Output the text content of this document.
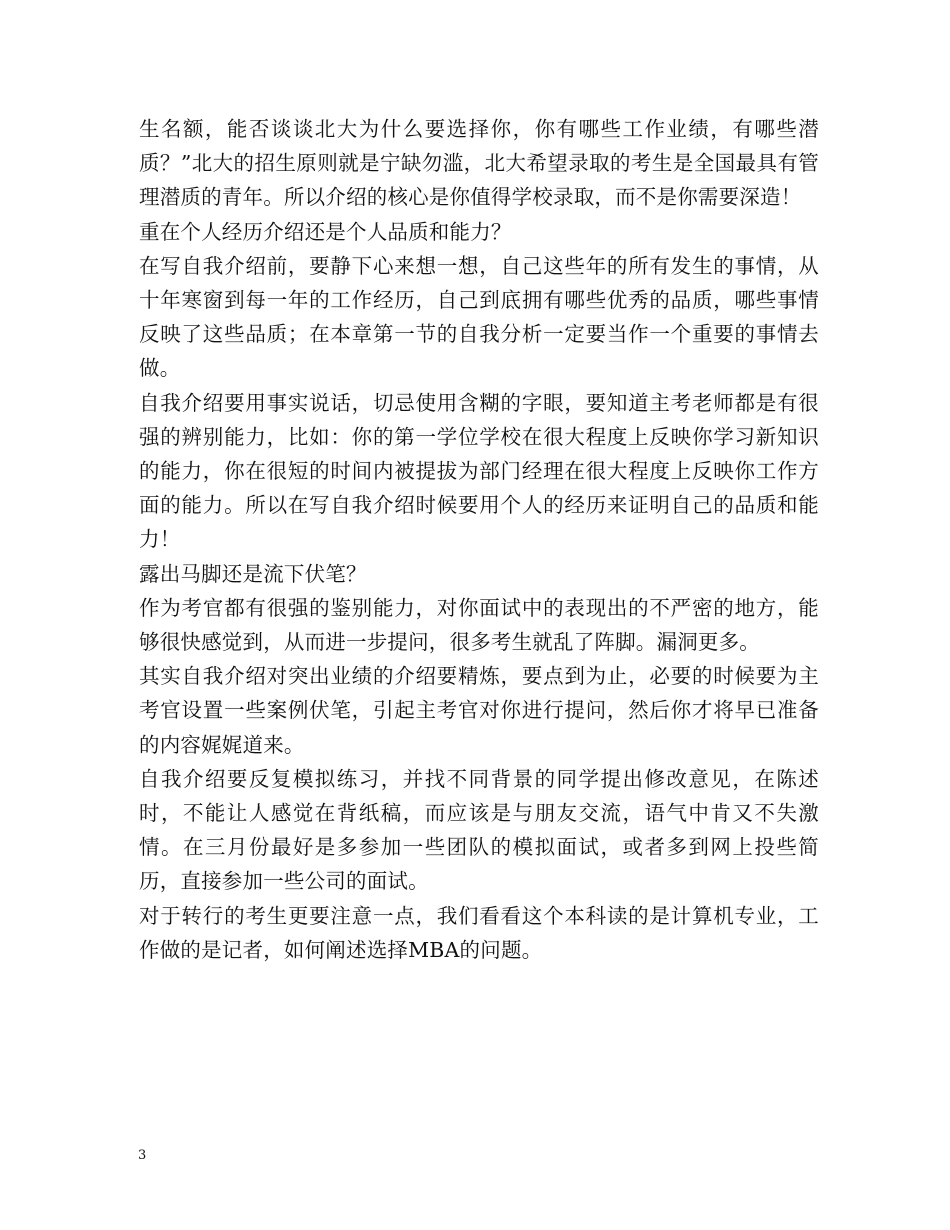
生名额，能否谈谈北大为什么要选择你，你有哪些工作业绩，有哪些潜质？”北大的招生原则就是宁缺勿滥，北大希望录取的考生是全国最具有管理潜质的青年。所以介绍的核心是你值得学校录取，而不是你需要深造！

重在个人经历介绍还是个人品质和能力？

在写自我介绍前，要静下心来想一想，自己这些年的所有发生的事情，从十年寒窗到每一年的工作经历，自己到底拥有哪些优秀的品质，哪些事情反映了这些品质；在本章第一节的自我分析一定要当作一个重要的事情去做。

自我介绍要用事实说话，切忌使用含糊的字眼，要知道主考老师都是有很强的辨别能力，比如：你的第一学位学校在很大程度上反映你学习新知识的能力，你在很短的时间内被提拔为部门经理在很大程度上反映你工作方面的能力。所以在写自我介绍时候要用个人的经历来证明自己的品质和能力！

露出马脚还是流下伏笔？

作为考官都有很强的鉴别能力，对你面试中的表现出的不严密的地方，能够很快感觉到，从而进一步提问，很多考生就乱了阵脚。漏洞更多。

其实自我介绍对突出业绩的介绍要精炼，要点到为止，必要的时候要为主考官设置一些案例伏笔，引起主考官对你进行提问，然后你才将早已准备的内容娓娓道来。

自我介绍要反复模拟练习，并找不同背景的同学提出修改意见，在陈述时，不能让人感觉在背纸稿，而应该是与朋友交流，语气中肯又不失激情。在三月份最好是多参加一些团队的模拟面试，或者多到网上投些简历，直接参加一些公司的面试。

对于转行的考生更要注意一点，我们看看这个本科读的是计算机专业，工作做的是记者，如何阐述选择MBA的问题。

3
